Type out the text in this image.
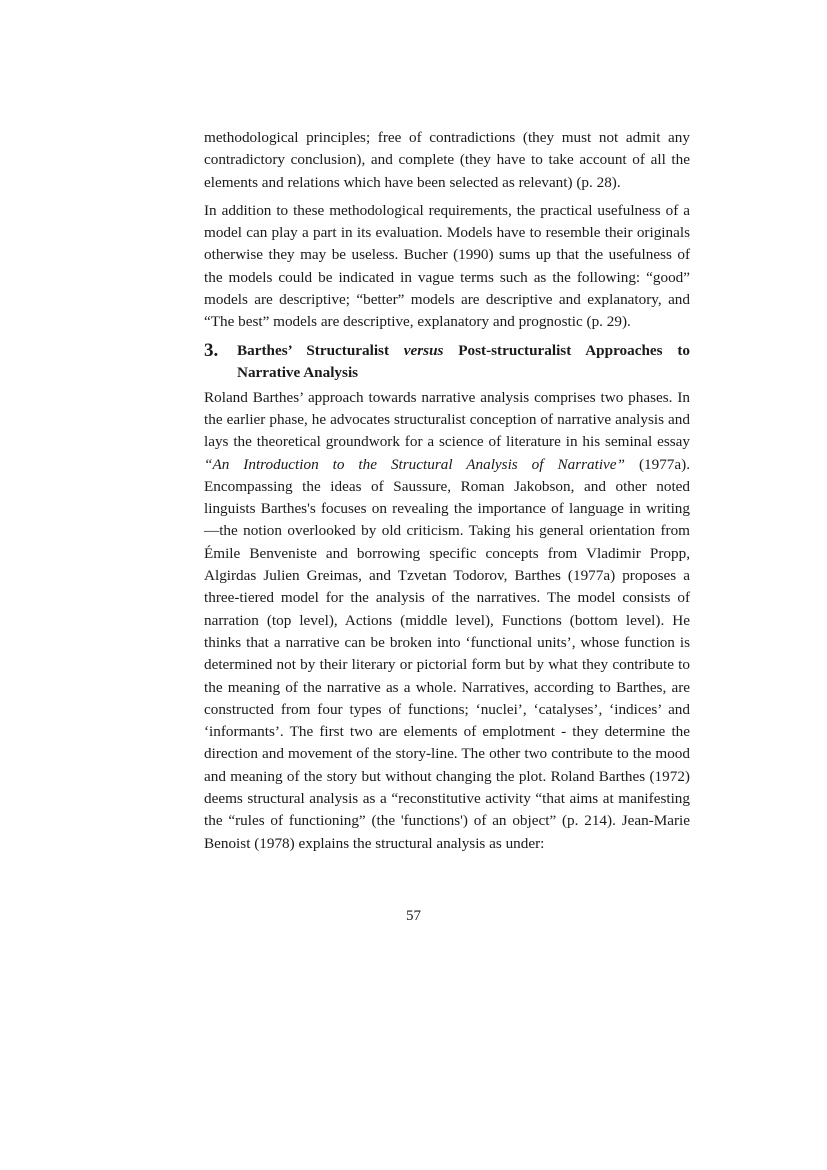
methodological principles; free of contradictions (they must not admit any contradictory conclusion), and complete (they have to take account of all the elements and relations which have been selected as relevant) (p. 28).

In addition to these methodological requirements, the practical usefulness of a model can play a part in its evaluation. Models have to resemble their originals otherwise they may be useless. Bucher (1990) sums up that the usefulness of the models could be indicated in vague terms such as the following: “good” models are descriptive; “better” models are descriptive and explanatory, and “The best” models are descriptive, explanatory and prognostic (p. 29).

3.	Barthes’ Structuralist versus Post-structuralist Approaches to Narrative Analysis

Roland Barthes’ approach towards narrative analysis comprises two phases. In the earlier phase, he advocates structuralist conception of narrative analysis and lays the theoretical groundwork for a science of literature in his seminal essay “An Introduction to the Structural Analysis of Narrative” (1977a). Encompassing the ideas of Saussure, Roman Jakobson, and other noted linguists Barthes's focuses on revealing the importance of language in writing—the notion overlooked by old criticism. Taking his general orientation from Émile Benveniste and borrowing specific concepts from Vladimir Propp, Algirdas Julien Greimas, and Tzvetan Todorov, Barthes (1977a) proposes a three-tiered model for the analysis of the narratives. The model consists of narration (top level), Actions (middle level), Functions (bottom level). He thinks that a narrative can be broken into ‘functional units’, whose function is determined not by their literary or pictorial form but by what they contribute to the meaning of the narrative as a whole. Narratives, according to Barthes, are constructed from four types of functions; ‘nuclei’, ‘catalyses’, ‘indices’ and ‘informants’. The first two are elements of emplotment - they determine the direction and movement of the story-line. The other two contribute to the mood and meaning of the story but without changing the plot. Roland Barthes (1972) deems structural analysis as a “reconstitutive activity “that aims at manifesting the “rules of functioning” (the 'functions') of an object” (p. 214). Jean-Marie Benoist (1978) explains the structural analysis as under:

57
